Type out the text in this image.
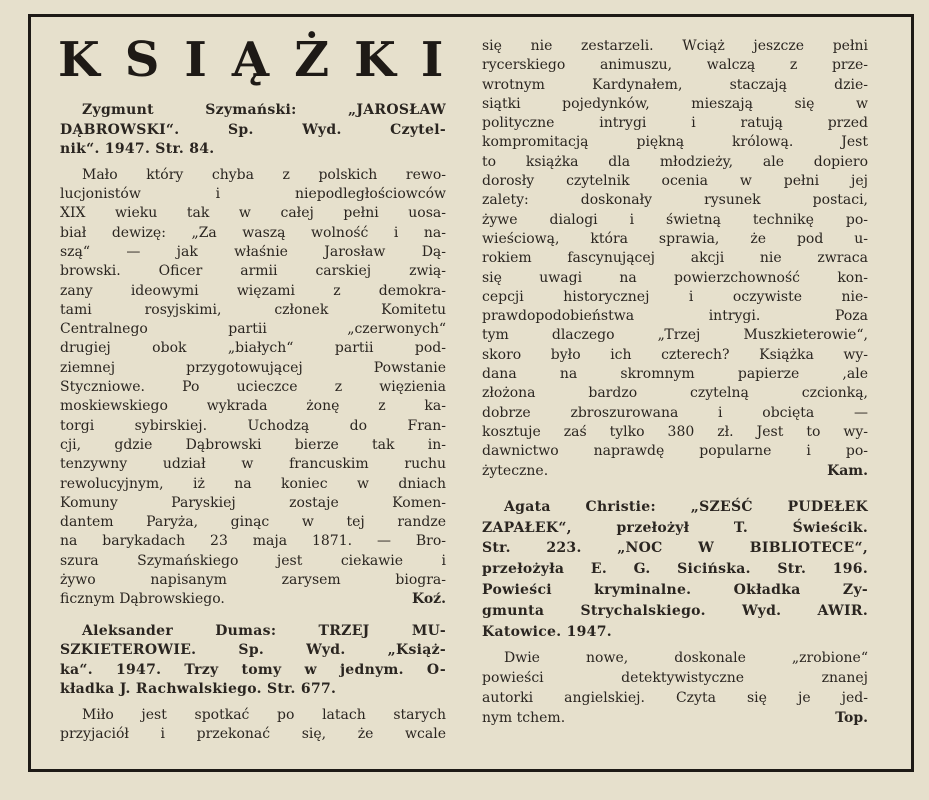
KSIĄŻKI
Zygmunt Szymański: „JAROSŁAW
DĄBROWSKI“. Sp. Wyd. Czytel-
nik“. 1947. Str. 84.
Mało który chyba z polskich rewo-
lucjonistów i niepodległościowców
XIX wieku tak w całej pełni uosa-
biał dewizę: „Za waszą wolność i na-
szą“ — jak właśnie Jarosław Dą-
browski. Oficer armii carskiej zwią-
zany ideowymi więzami z demokra-
tami rosyjskimi, członek Komitetu
Centralnego partii „czerwonych“
drugiej obok „białych“ partii pod-
ziemnej przygotowującej Powstanie
Styczniowe. Po ucieczce z więzienia
moskiewskiego wykrada żonę z ka-
torgi sybirskiej. Uchodzą do Fran-
cji, gdzie Dąbrowski bierze tak in-
tenzywny udział w francuskim ruchu
rewolucyjnym, iż na koniec w dniach
Komuny Paryskiej zostaje Komen-
dantem Paryża, ginąc w tej randze
na barykadach 23 maja 1871. — Bro-
szura Szymańskiego jest ciekawie i
żywo napisanym zarysem biogra-
ficznym Dąbrowskiego.	Koź.
Aleksander Dumas: TRZEJ MU-
SZKIETEROWIE. Sp. Wyd. „Książ-
ka“. 1947. Trzy tomy w jednym. O-
kładka J. Rachwalskiego. Str. 677.
Miło jest spotkać po latach starych
przyjaciół i przekonać się, że wcale
się nie zestarzeli. Wciąż jeszcze pełni
rycerskiego animuszu, walczą z prze-
wrotnym Kardynałem, staczają dzie-
siątki pojedynków, mieszają się w
polityczne intrygi i ratują przed
kompromitacją piękną królową. Jest
to książka dla młodzieży, ale dopiero
dorosły czytelnik ocenia w pełni jej
zalety: doskonały rysunek postaci,
żywe dialogi i świetną technikę po-
wieściową, która sprawia, że pod u-
rokiem fascynującej akcji nie zwraca
się uwagi na powierzchowność kon-
cepcji historycznej i oczywiste nie-
prawdopodobieństwa intrygi. Poza
tym dlaczego „Trzej Muszkieterowie“,
skoro było ich czterech? Książka wy-
dana na skromnym papierze ,ale
złożona bardzo czytelną czcionką,
dobrze zbroszurowana i obcięta —
kosztuje zaś tylko 380 zł. Jest to wy-
dawnictwo naprawdę popularne i po-
żyteczne.	Kam.
Agata Christie: „SZEŚĆ PUDEŁEK
ZAPAŁEK“, przełożył T. Świeścik.
Str. 223. „NOC W BIBLIOTECE“,
przełożyła E. G. Sicińska. Str. 196.
Powieści kryminalne. Okładka Zy-
gmunta Strychalskiego. Wyd. AWIR.
Katowice. 1947.
Dwie nowe, doskonale „zrobione“
powieści detektywistyczne znanej
autorki angielskiej. Czyta się je jed-
nym tchem.	Top.
